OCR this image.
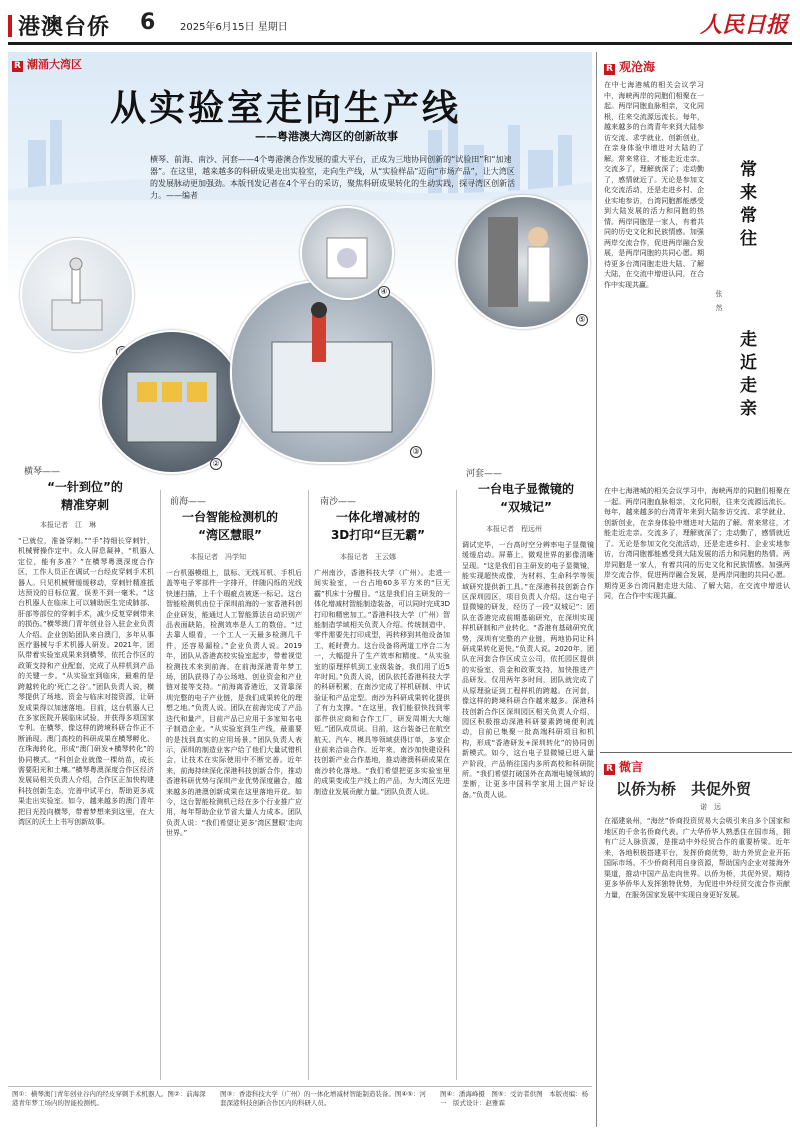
港澳台侨 6 2025年6月15日 星期日	人民日报
R 潮涌大湾区
从实验室走向生产线
——粤港澳大湾区的创新故事
横琴、前海、南沙、河套——4个粤港澳合作发展的重大平台，正成为三地协同创新的“试验田”和“加速器”。在这里，越来越多的科研成果走出实验室，走向生产线，从“实验样品”迈向“市场产品”，让大湾区的发展脉动更加强劲。本版刊发记者在4个平台的采访，聚焦科研成果转化的生动实践，探寻湾区创新活力。——编者
②
③
④
⑤
横琴——
“一针到位”的
精准穿刺
本报记者　江　琳
前海——
一台智能检测机的
“湾区慧眼”
本报记者　冯学知
南沙——
一体化增减材的
3D打印“巨无霸”
本报记者　王云娜
河套——
一台电子显微镜的
“双城记”
本报记者　程远州
“已就位，准备穿刺。”“手”持细长穿刺针，机械臂操作定中。众人屏息凝神，“机器人定位，能有多准？”在横琴粤澳深度合作区，工作人员正在调试一台经皮穿刺手术机器人。只见机械臂缓缓移动，穿刺针精准抵达预设的目标位置，误差不到一毫米。“这台机器人在临床上可以辅助医生完成肺部、肝部等部位的穿刺手术，减少反复穿刺带来的损伤。”横琴澳门青年创业谷入驻企业负责人介绍。企业创始团队来自澳门，多年从事医疗器械与手术机器人研发。2021年，团队带着实验室成果来到横琴，依托合作区的政策支持和产业配套，完成了从样机到产品的关键一步。“从实验室到临床，最难的是跨越转化的‘死亡之谷’。”团队负责人说，横琴提供了场地、资金与临床对接资源，让研发成果得以加速落地。目前，这台机器人已在多家医院开展临床试验，并获得多项国家专利。在横琴，像这样的跨境科研合作正不断涌现。澳门高校的科研成果在横琴孵化、在珠海转化，形成“澳门研发+横琴转化”的协同模式。“科创企业就像一棵幼苗，成长需要阳光和土壤。”横琴粤澳深度合作区经济发展局相关负责人介绍，合作区正加快构建科技创新生态，完善中试平台，帮助更多成果走出实验室。如今，越来越多的澳门青年把目光投向横琴，带着梦想来到这里，在大湾区的沃土上书写创新故事。
一台机器模组上，鼠标、无线耳机、手机后盖等电子零部件一字排开，伴随闪烁的光线快速扫描，上千个瑕疵点被逐一标记。这台智能检测机由位于深圳前海的一家香港科创企业研发，能通过人工智能算法自动识别产品表面缺陷，检测效率是人工的数倍。“过去靠人眼看，一个工人一天最多检测几千件，还容易漏检。”企业负责人说。2019年，团队从香港高校实验室起步，带着视觉检测技术来到前海。在前海深港青年梦工场，团队获得了办公场地、创业资金和产业链对接等支持。“前海离香港近，又背靠深圳完整的电子产业链，是我们成果转化的理想之地。”负责人说。团队在前海完成了产品迭代和量产，目前产品已应用于多家知名电子制造企业。“从实验室到生产线，最重要的是找到真实的应用场景。”团队负责人表示，深圳的制造业客户给了他们大量试错机会，让技术在实际使用中不断完善。近年来，前海持续深化深港科技创新合作，推动香港科研优势与深圳产业优势深度融合，越来越多的港澳创新成果在这里落地开花。如今，这台智能检测机已经在多个行业推广应用，每年帮助企业节省大量人力成本。团队负责人说：“我们希望让更多‘湾区慧眼’走向世界。”
广州南沙，香港科技大学（广州）。走进一间实验室，一台占地60多平方米的“巨无霸”机床十分醒目。“这是我们自主研发的一体化增减材智能制造装备，可以同时完成3D打印和精密加工。”香港科技大学（广州）智能制造学域相关负责人介绍。传统制造中，零件需要先打印成型，再转移到其他设备加工，耗时费力。这台设备将两道工序合二为一，大幅提升了生产效率和精度。“从实验室的原理样机到工业级装备，我们用了近5年时间。”负责人说，团队依托香港科技大学的科研积累，在南沙完成了样机研制、中试验证和产品定型。南沙为科研成果转化提供了有力支撑。“在这里，我们能很快找到零部件供应商和合作工厂，研发周期大大缩短。”团队成员说。目前，这台装备已在航空航天、汽车、模具等领域获得订单，多家企业前来洽谈合作。近年来，南沙加快建设科技创新产业合作基地，推动港澳科研成果在南沙转化落地。“我们希望把更多实验室里的成果变成生产线上的产品，为大湾区先进制造业发展贡献力量。”团队负责人说。
调试完毕，一台高时空分辨率电子显微镜缓缓启动。屏幕上，微观世界的影像清晰呈现。“这是我们自主研发的电子显微镜，能实现超快成像，为材料、生命科学等领域研究提供新工具。”在深港科技创新合作区深圳园区，项目负责人介绍。这台电子显微镜的研发，经历了一段“双城记”：团队在香港完成前期基础研究，在深圳实现样机研制和产业转化。“香港有基础研究优势，深圳有完整的产业链，两地协同让科研成果转化更快。”负责人说。2020年，团队在河套合作区成立公司，依托园区提供的实验室、资金和政策支持，加快推进产品研发。仅用两年多时间，团队就完成了从原理验证到工程样机的跨越。在河套，像这样的跨境科研合作越来越多。深港科技创新合作区深圳园区相关负责人介绍，园区积极推动深港科研要素跨境便利流动，目前已集聚一批高端科研项目和机构，形成“香港研发+深圳转化”的协同创新模式。如今，这台电子显微镜已进入量产阶段，产品销往国内多所高校和科研院所。“我们希望打破国外在高端电镜领域的垄断，让更多中国科学家用上国产好设备。”负责人说。
图①：横琴澳门青年创业谷内的经皮穿刺手术机器人。图②：前海深港青年梦工场内的智能检测机。
图③：香港科技大学（广州）的一体化增减材智能制造装备。图④⑤：河套深港科技创新合作区内的科研人员。
图④：潘海峰摄　图⑤：受访者供图　本版责编：杨一　版式设计：赵雅霖
R 观沧海
在中七海港城的相关会议学习中，海峡两岸的同胞们相聚在一起。两岸同胞血脉相亲，文化同根，往来交流源远流长。每年，越来越多的台湾青年来到大陆参访交流、求学就业、创新创业，在亲身体验中增进对大陆的了解。常来常往，才能走近走亲。交流多了，理解就深了；走动勤了，感情就近了。无论是参加文化交流活动，还是走进乡村、企业实地参访，台湾同胞都能感受到大陆发展的活力和同胞的热情。两岸同胞是一家人，有着共同的历史文化和民族情感。加强两岸交流合作，促进两岸融合发展，是两岸同胞的共同心愿。期待更多台湾同胞走进大陆、了解大陆，在交流中增进认同，在合作中实现共赢。
常来常往
走近走亲
张　然
在中七海港城的相关会议学习中，海峡两岸的同胞们相聚在一起。两岸同胞血脉相亲，文化同根，往来交流源远流长。每年，越来越多的台湾青年来到大陆参访交流、求学就业、创新创业，在亲身体验中增进对大陆的了解。常来常往，才能走近走亲。交流多了，理解就深了；走动勤了，感情就近了。无论是参加文化交流活动，还是走进乡村、企业实地参访，台湾同胞都能感受到大陆发展的活力和同胞的热情。两岸同胞是一家人，有着共同的历史文化和民族情感。加强两岸交流合作，促进两岸融合发展，是两岸同胞的共同心愿。期待更多台湾同胞走进大陆、了解大陆，在交流中增进认同，在合作中实现共赢。
R 微言
以侨为桥　共促外贸
诺　远
在福建泉州，“海丝”侨商投资贸易大会吸引来自多个国家和地区的千余名侨商代表。广大华侨华人熟悉住在国市场，拥有广泛人脉资源，是推动中外经贸合作的重要桥梁。近年来，各地积极搭建平台，发挥侨商优势，助力外贸企业开拓国际市场。不少侨商利用自身资源，帮助国内企业对接海外渠道，推动中国产品走向世界。以侨为桥，共促外贸。期待更多华侨华人发挥独特优势，为促进中外经贸交流合作贡献力量，在服务国家发展中实现自身更好发展。
